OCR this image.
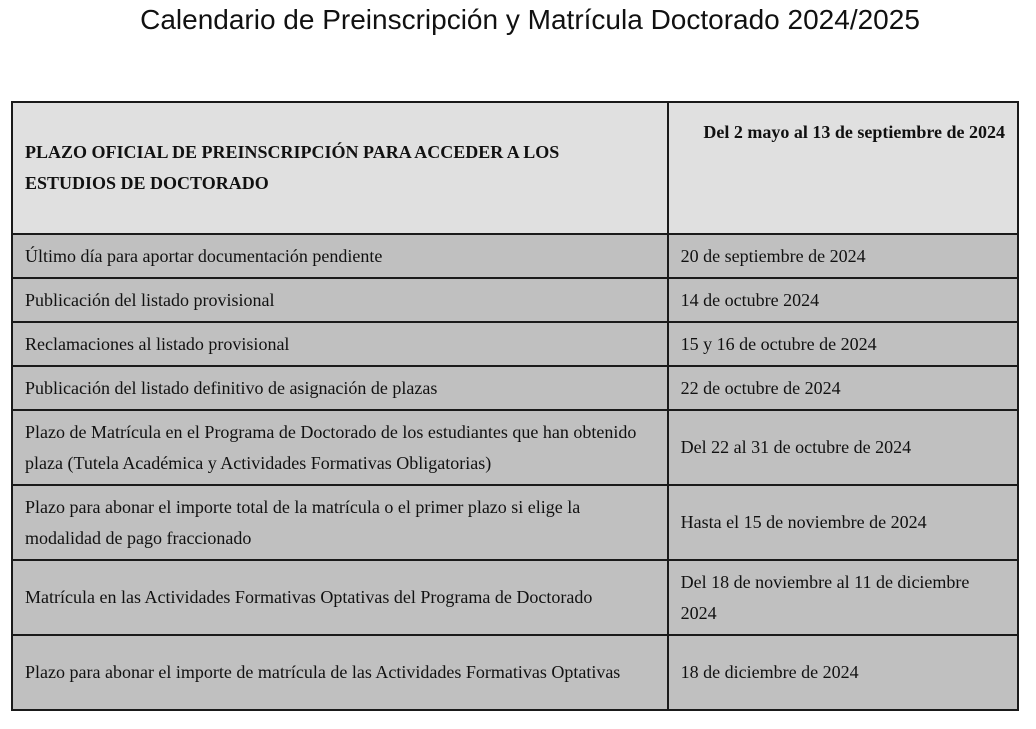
Calendario de Preinscripción y Matrícula Doctorado 2024/2025
PLAZO OFICIAL DE PREINSCRIPCIÓN PARA ACCEDER A LOS ESTUDIOS DE DOCTORADO	Del 2 mayo al 13 de septiembre de 2024
Último día para aportar documentación pendiente	20 de septiembre de 2024
Publicación del listado provisional	14 de octubre 2024
Reclamaciones al listado provisional	15 y 16 de octubre de 2024
Publicación del listado definitivo de asignación de plazas	22 de octubre de 2024
Plazo de Matrícula en el Programa de Doctorado de los estudiantes que han obtenido plaza (Tutela Académica y Actividades Formativas Obligatorias)	Del 22 al 31 de octubre de 2024
Plazo para abonar el importe total de la matrícula o el primer plazo si elige la modalidad de pago fraccionado	Hasta el 15 de noviembre de 2024
Matrícula en las Actividades Formativas Optativas del Programa de Doctorado	Del 18 de noviembre al 11 de diciembre 2024
Plazo para abonar el importe de matrícula de las Actividades Formativas Optativas	18 de diciembre de 2024
